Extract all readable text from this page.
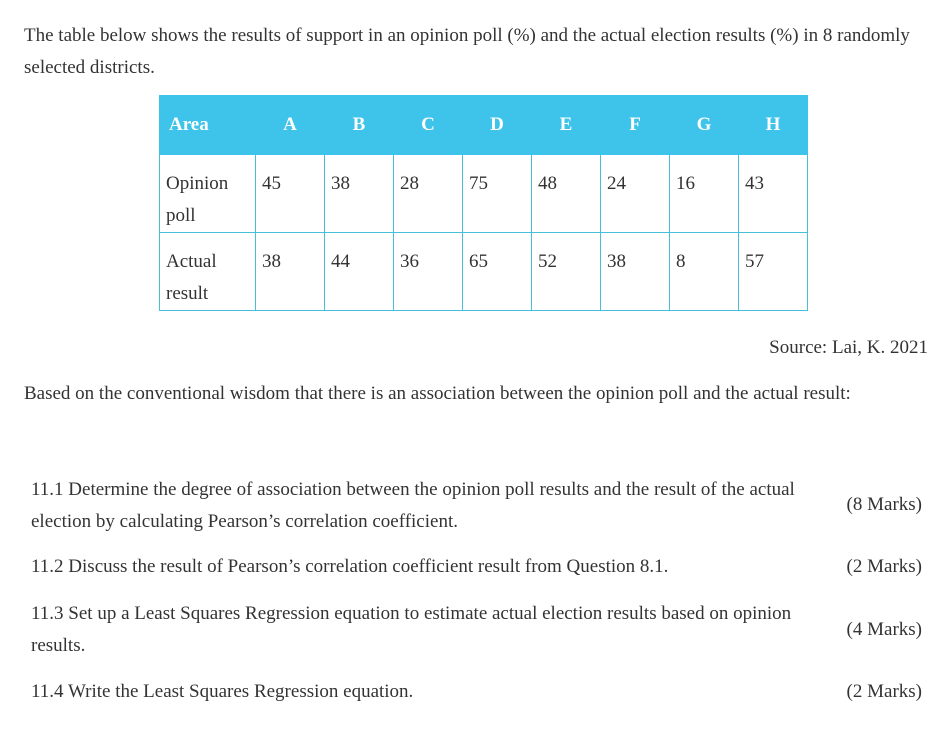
The table below shows the results of support in an opinion poll (%) and the actual election results (%) in 8 randomly selected districts.

Area	A	B	C	D	E	F	G	H
Opinion poll	45	38	28	75	48	24	16	43
Actual result	38	44	36	65	52	38	8	57

Source: Lai, K. 2021

Based on the conventional wisdom that there is an association between the opinion poll and the actual result:

11.1 Determine the degree of association between the opinion poll results and the result of the actual election by calculating Pearson’s correlation coefficient.
(8 Marks)
11.2 Discuss the result of Pearson’s correlation coefficient result from Question 8.1.	(2 Marks)
11.3 Set up a Least Squares Regression equation to estimate actual election results based on opinion results.
(4 Marks)
11.4 Write the Least Squares Regression equation.	(2 Marks)
